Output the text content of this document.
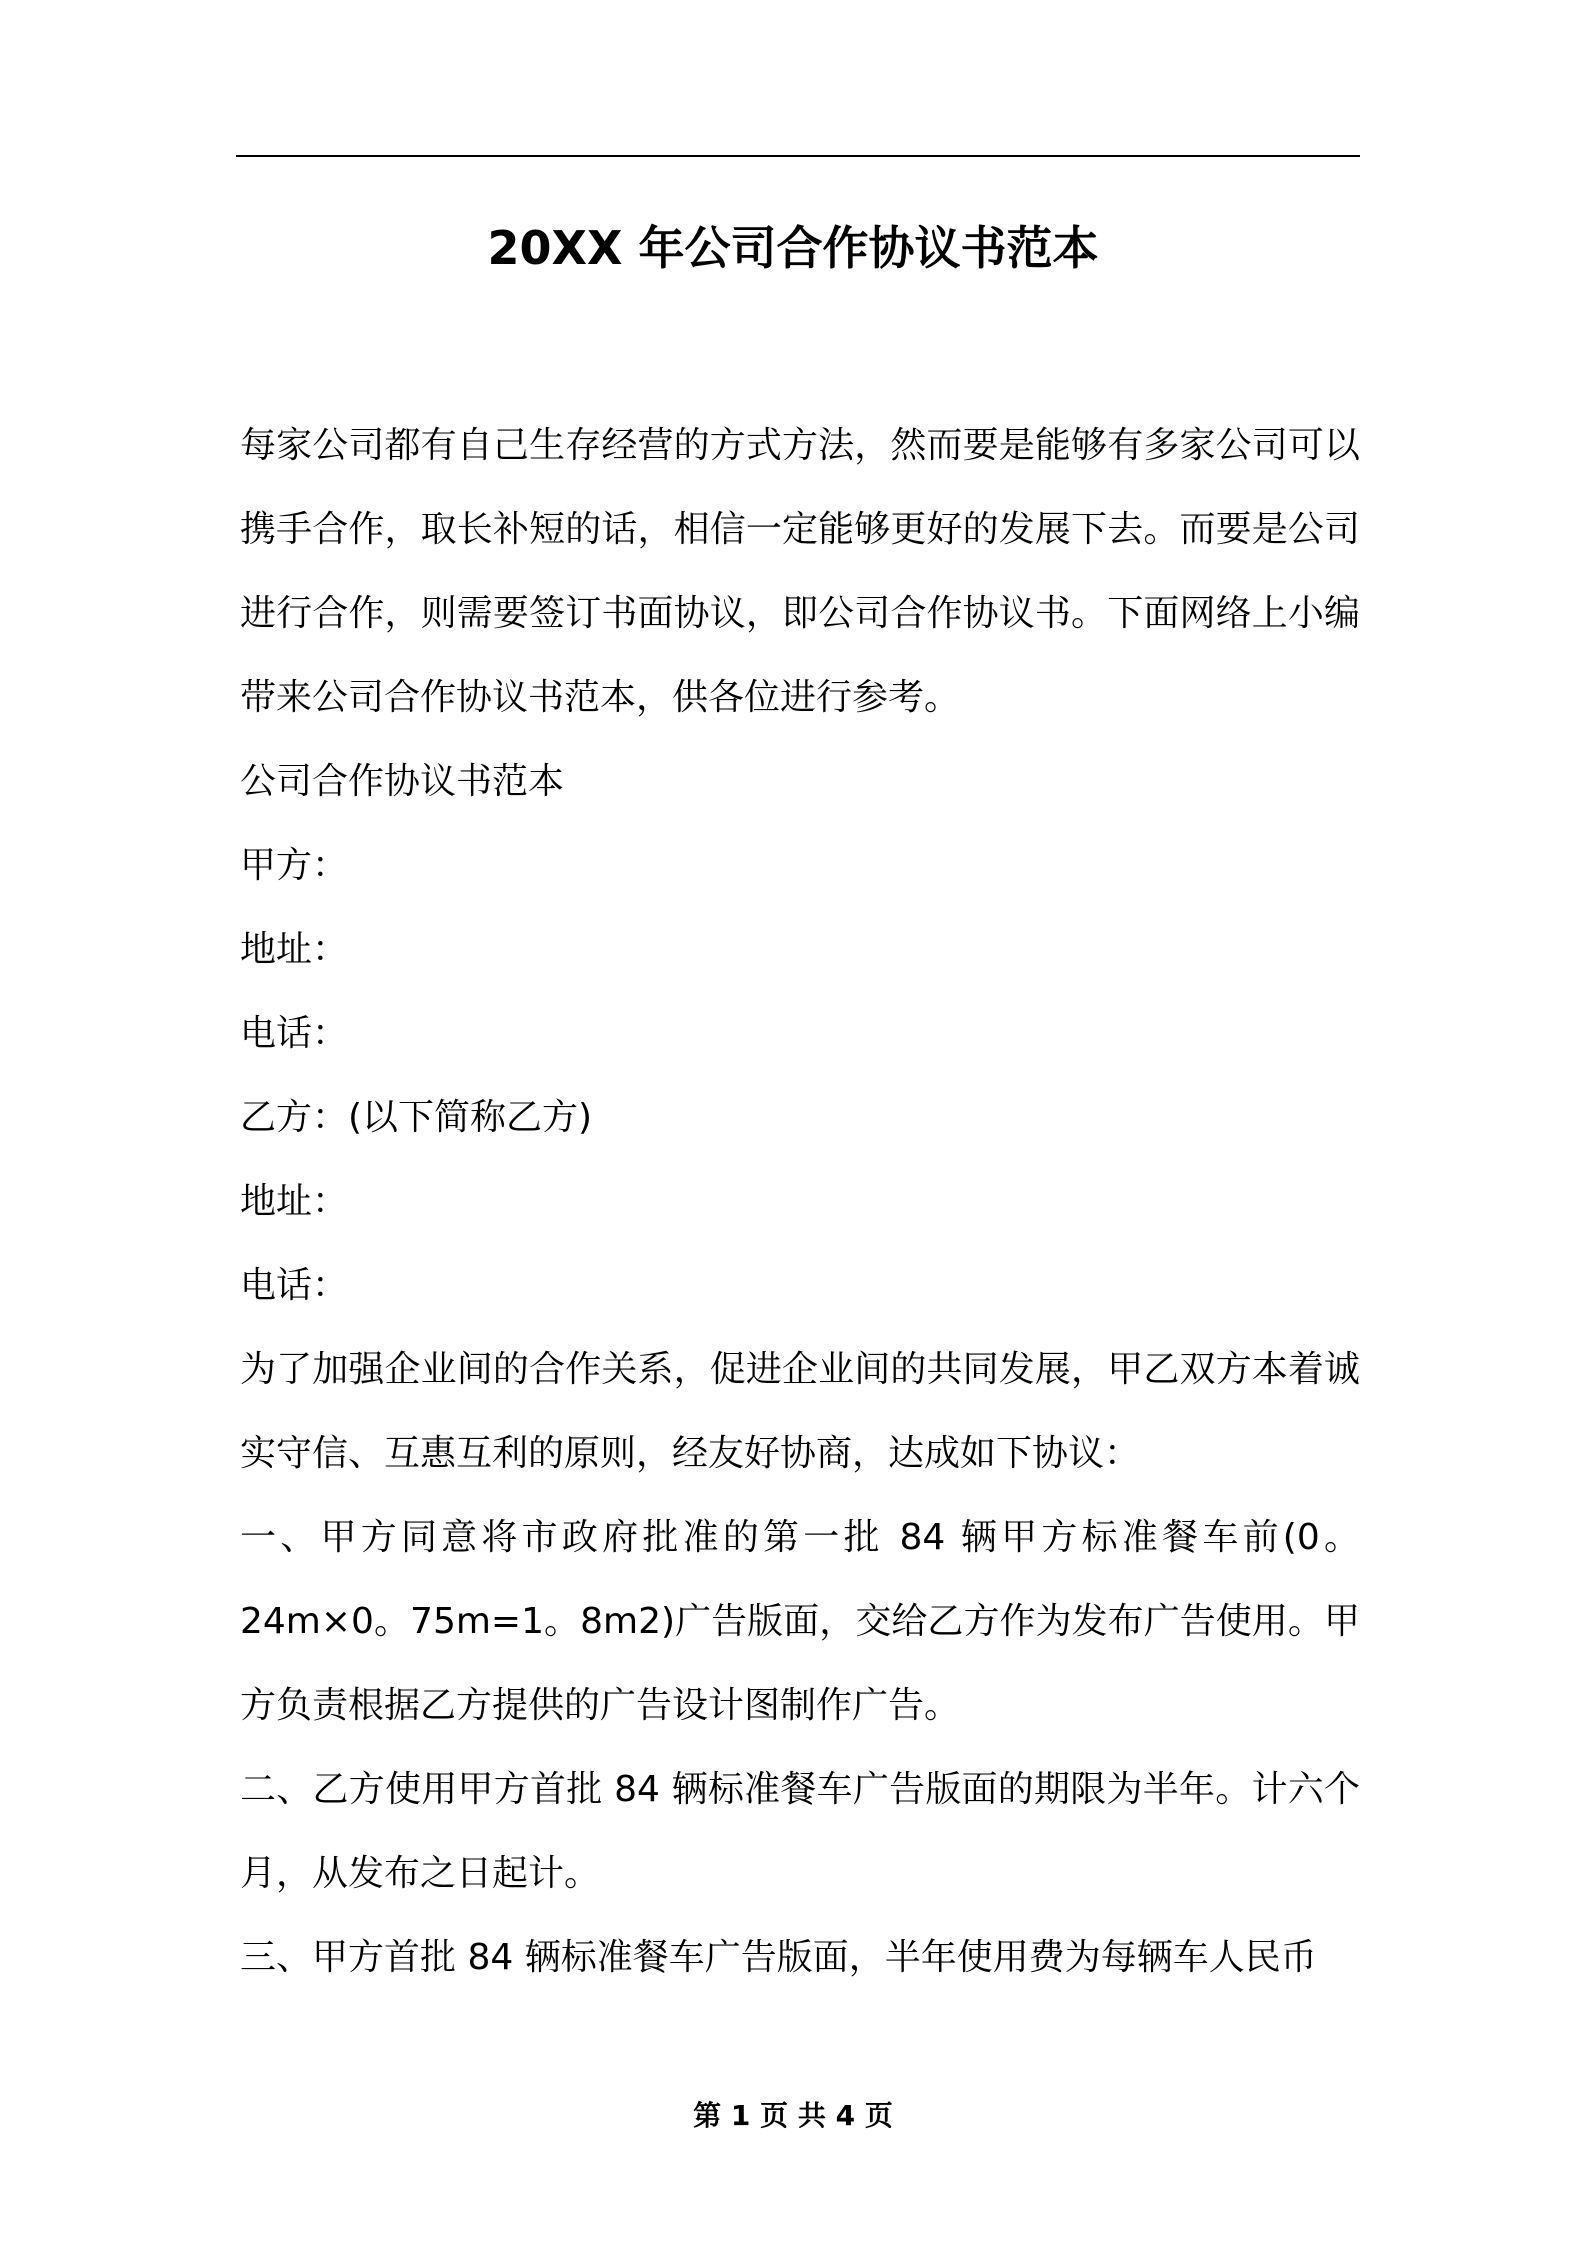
20XX 年公司合作协议书范本

每家公司都有自己生存经营的方式方法，然而要是能够有多家公司可以携手合作，取长补短的话，相信一定能够更好的发展下去。而要是公司进行合作，则需要签订书面协议，即公司合作协议书。下面网络上小编带来公司合作协议书范本，供各位进行参考。

公司合作协议书范本

甲方：

地址：

电话：

乙方：(以下简称乙方)

地址：

电话：

为了加强企业间的合作关系，促进企业间的共同发展，甲乙双方本着诚实守信、互惠互利的原则，经友好协商，达成如下协议：

一、甲方同意将市政府批准的第一批 84 辆甲方标准餐车前(0。24m×0。75m=1。8m2)广告版面，交给乙方作为发布广告使用。甲方负责根据乙方提供的广告设计图制作广告。

二、乙方使用甲方首批 84 辆标准餐车广告版面的期限为半年。计六个月，从发布之日起计。

三、甲方首批 84 辆标准餐车广告版面，半年使用费为每辆车人民币

第 1 页 共 4 页
